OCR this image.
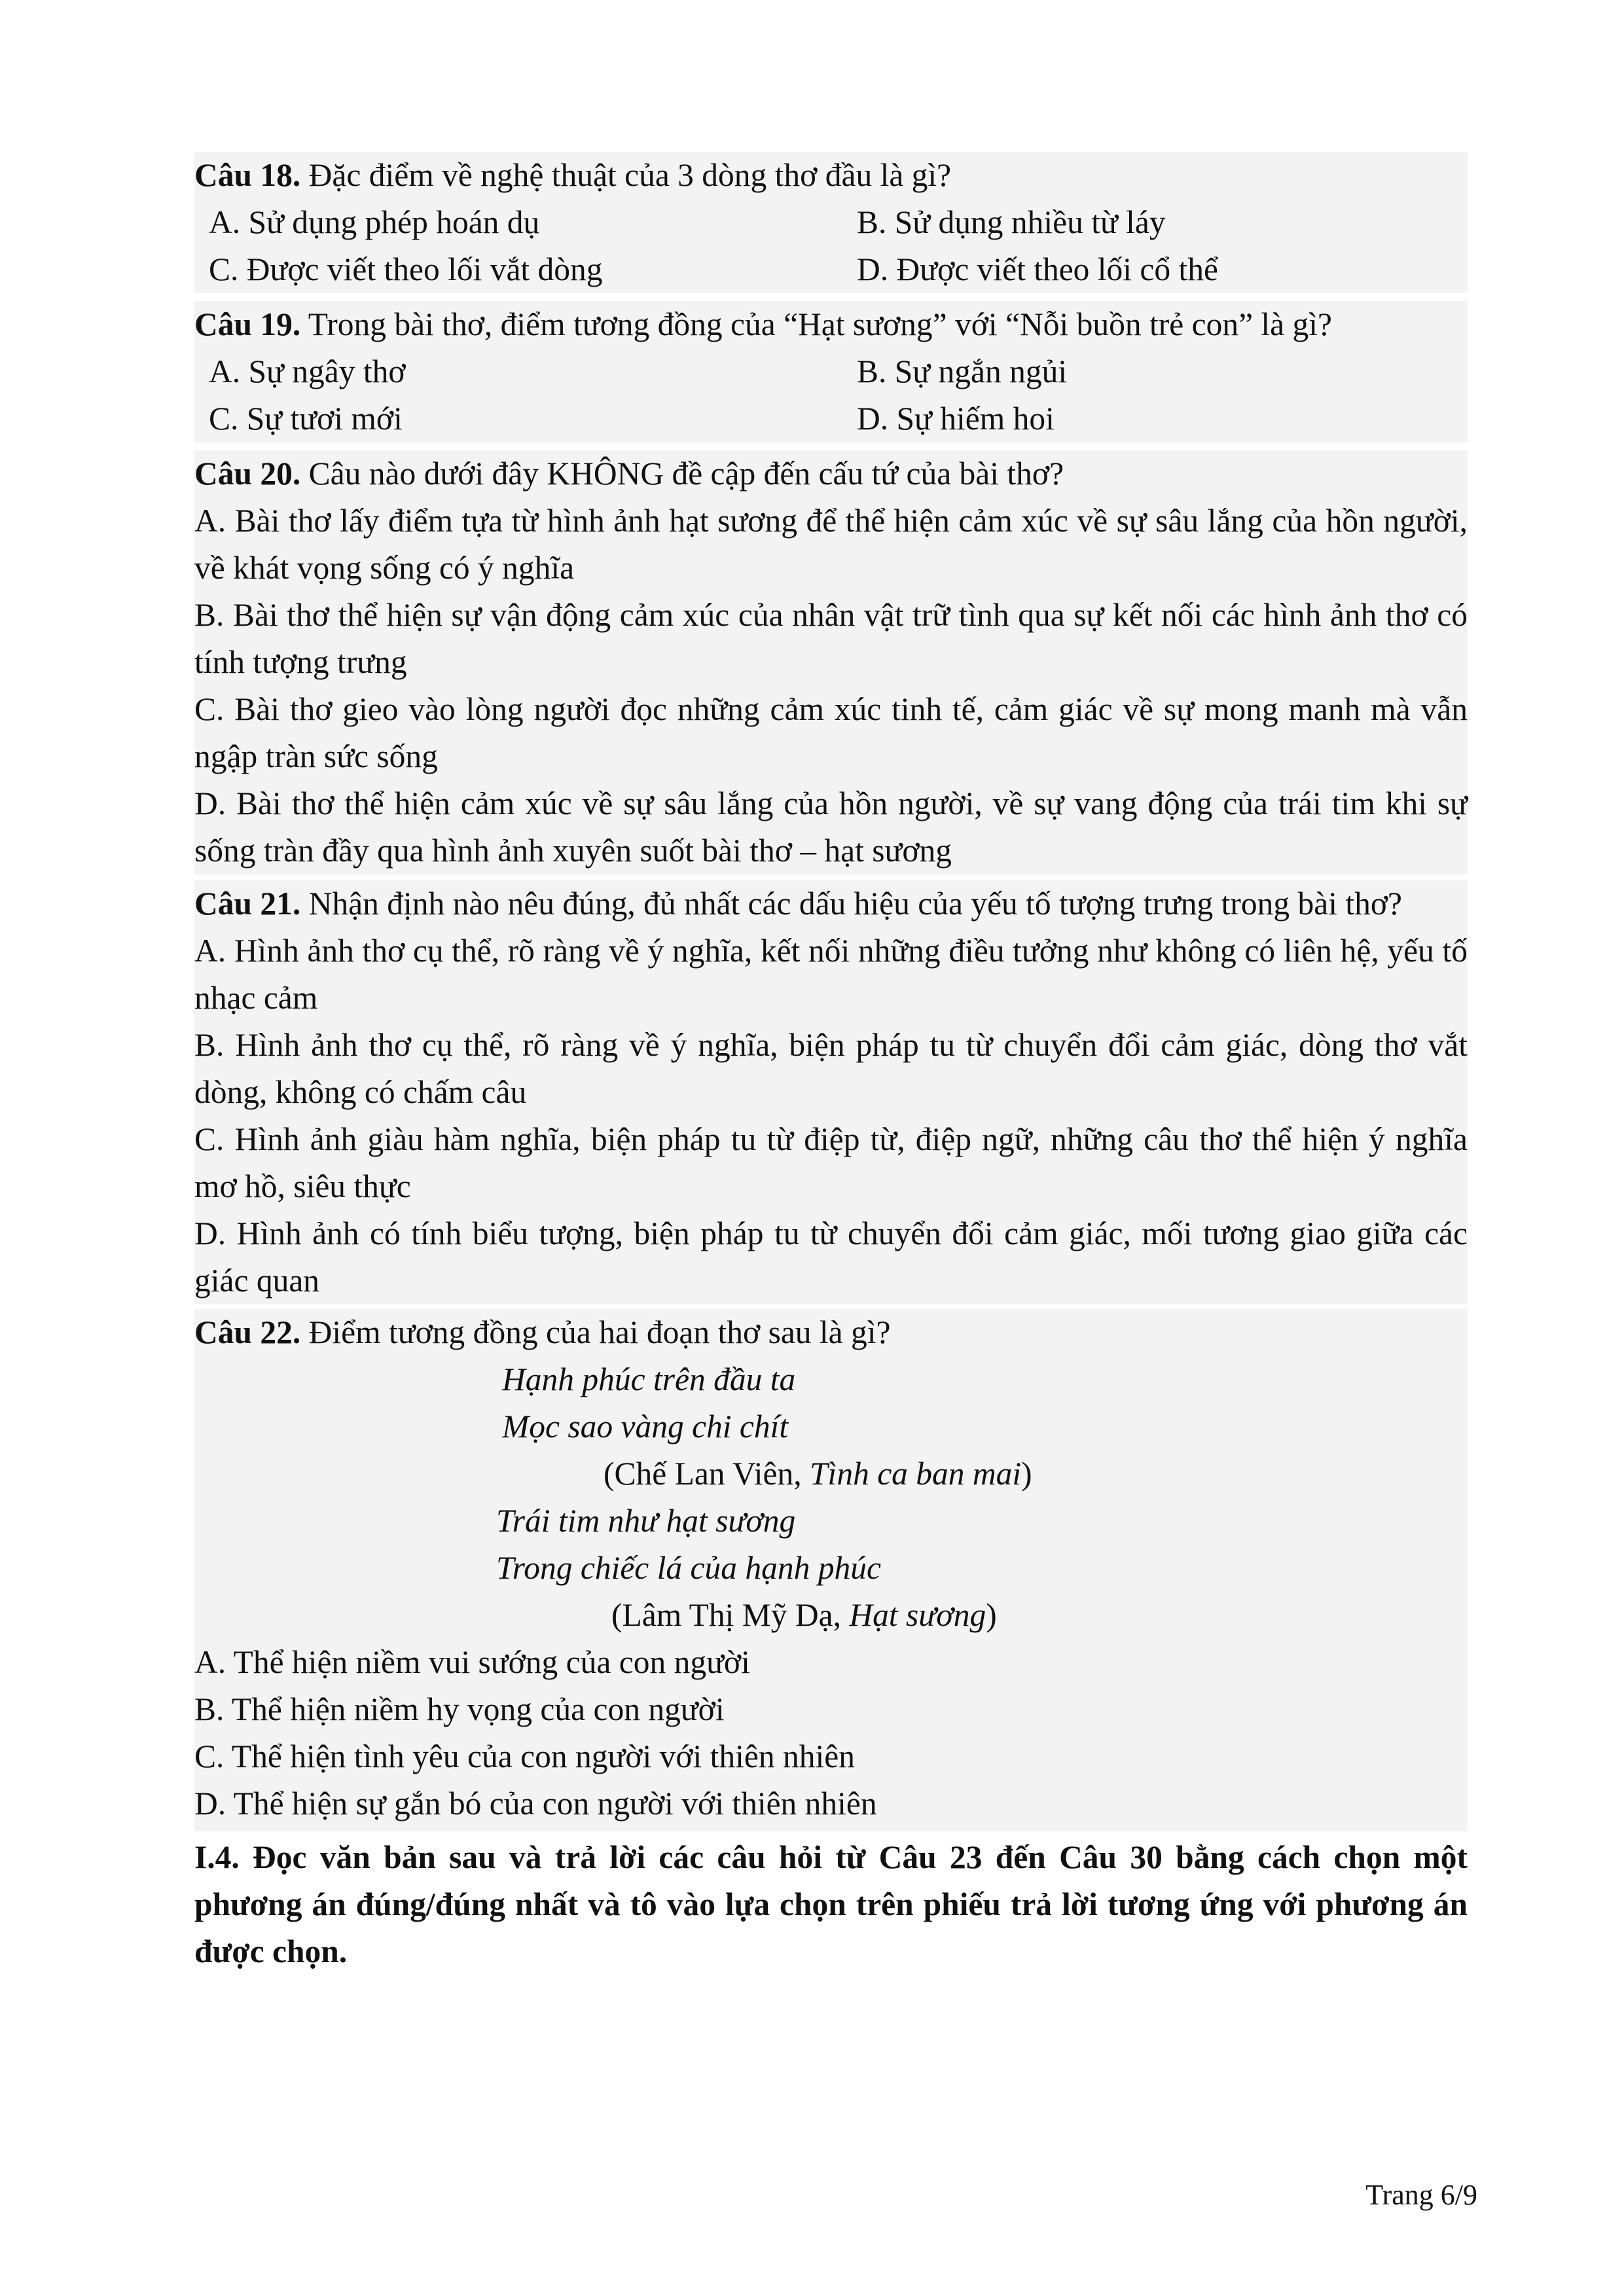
Câu 18. Đặc điểm về nghệ thuật của 3 dòng thơ đầu là gì?
A. Sử dụng phép hoán dụ	B. Sử dụng nhiều từ láy
C. Được viết theo lối vắt dòng	D. Được viết theo lối cổ thể
Câu 19. Trong bài thơ, điểm tương đồng của “Hạt sương” với “Nỗi buồn trẻ con” là gì?
A. Sự ngây thơ	B. Sự ngắn ngủi
C. Sự tươi mới	D. Sự hiếm hoi
Câu 20. Câu nào dưới đây KHÔNG đề cập đến cấu tứ của bài thơ?
A. Bài thơ lấy điểm tựa từ hình ảnh hạt sương để thể hiện cảm xúc về sự sâu lắng của hồn người, về khát vọng sống có ý nghĩa
B. Bài thơ thể hiện sự vận động cảm xúc của nhân vật trữ tình qua sự kết nối các hình ảnh thơ có tính tượng trưng
C. Bài thơ gieo vào lòng người đọc những cảm xúc tinh tế, cảm giác về sự mong manh mà vẫn ngập tràn sức sống
D. Bài thơ thể hiện cảm xúc về sự sâu lắng của hồn người, về sự vang động của trái tim khi sự sống tràn đầy qua hình ảnh xuyên suốt bài thơ – hạt sương
Câu 21. Nhận định nào nêu đúng, đủ nhất các dấu hiệu của yếu tố tượng trưng trong bài thơ?
A. Hình ảnh thơ cụ thể, rõ ràng về ý nghĩa, kết nối những điều tưởng như không có liên hệ, yếu tố nhạc cảm
B. Hình ảnh thơ cụ thể, rõ ràng về ý nghĩa, biện pháp tu từ chuyển đổi cảm giác, dòng thơ vắt dòng, không có chấm câu
C. Hình ảnh giàu hàm nghĩa, biện pháp tu từ điệp từ, điệp ngữ, những câu thơ thể hiện ý nghĩa mơ hồ, siêu thực
D. Hình ảnh có tính biểu tượng, biện pháp tu từ chuyển đổi cảm giác, mối tương giao giữa các giác quan
Câu 22. Điểm tương đồng của hai đoạn thơ sau là gì?
Hạnh phúc trên đầu ta
Mọc sao vàng chi chít
(Chế Lan Viên, Tình ca ban mai)
Trái tim như hạt sương
Trong chiếc lá của hạnh phúc
(Lâm Thị Mỹ Dạ, Hạt sương)
A. Thể hiện niềm vui sướng của con người
B. Thể hiện niềm hy vọng của con người
C. Thể hiện tình yêu của con người với thiên nhiên
D. Thể hiện sự gắn bó của con người với thiên nhiên
I.4. Đọc văn bản sau và trả lời các câu hỏi từ Câu 23 đến Câu 30 bằng cách chọn một phương án đúng/đúng nhất và tô vào lựa chọn trên phiếu trả lời tương ứng với phương án được chọn.
Trang 6/9
